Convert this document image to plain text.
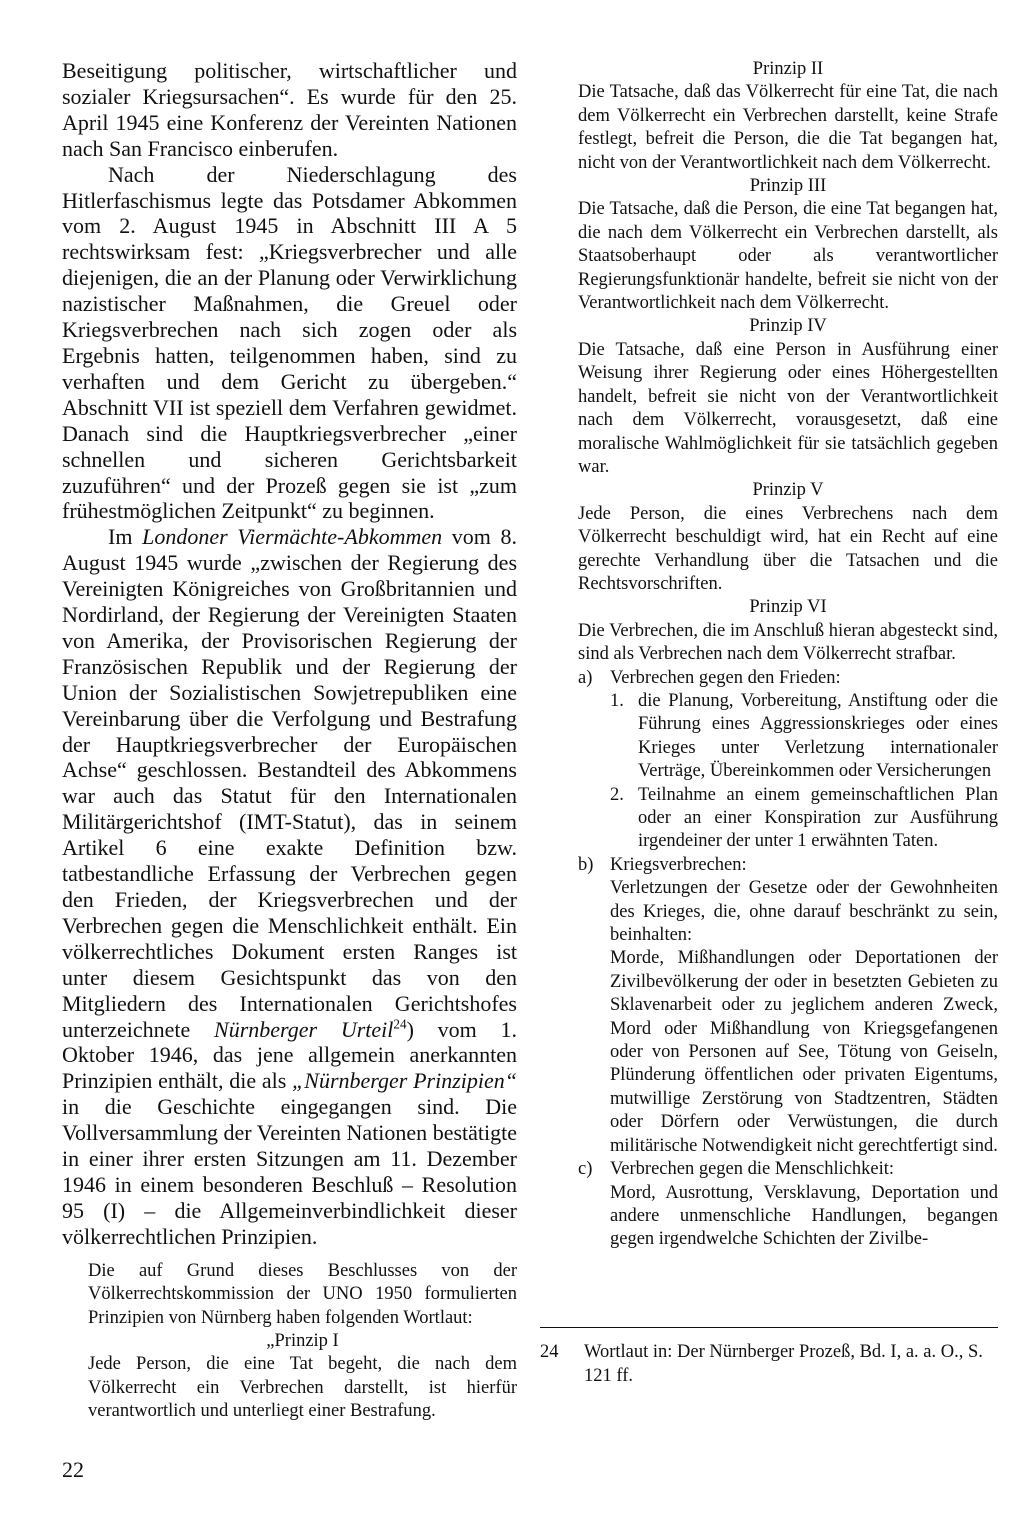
Beseitigung politischer, wirtschaftlicher und sozialer Kriegsursachen“. Es wurde für den 25. April 1945 eine Konferenz der Vereinten Nationen nach San Francisco einberufen.

Nach der Niederschlagung des Hitlerfaschismus legte das Potsdamer Abkommen vom 2. August 1945 in Abschnitt III A 5 rechtswirksam fest: „Kriegsverbrecher und alle diejenigen, die an der Planung oder Verwirklichung nazistischer Maßnahmen, die Greuel oder Kriegsverbrechen nach sich zogen oder als Ergebnis hatten, teilgenommen haben, sind zu verhaften und dem Gericht zu übergeben.“ Abschnitt VII ist speziell dem Verfahren gewidmet. Danach sind die Hauptkriegsverbrecher „einer schnellen und sicheren Gerichtsbarkeit zuzuführen“ und der Prozeß gegen sie ist „zum frühestmöglichen Zeitpunkt“ zu beginnen.

Im Londoner Viermächte-Abkommen vom 8. August 1945 wurde „zwischen der Regierung des Vereinigten Königreiches von Großbritannien und Nordirland, der Regierung der Vereinigten Staaten von Amerika, der Provisorischen Regierung der Französischen Republik und der Regierung der Union der Sozialistischen Sowjetrepubliken eine Vereinbarung über die Verfolgung und Bestrafung der Hauptkriegsverbrecher der Europäischen Achse“ geschlossen. Bestandteil des Abkommens war auch das Statut für den Internationalen Militärgerichtshof (IMT-Statut), das in seinem Artikel 6 eine exakte Definition bzw. tatbestandliche Erfassung der Verbrechen gegen den Frieden, der Kriegsverbrechen und der Verbrechen gegen die Menschlichkeit enthält. Ein völkerrechtliches Dokument ersten Ranges ist unter diesem Gesichtspunkt das von den Mitgliedern des Internationalen Gerichtshofes unterzeichnete Nürnberger Urteil$^{24}$) vom 1. Oktober 1946, das jene allgemein anerkannten Prinzipien enthält, die als „Nürnberger Prinzipien“ in die Geschichte eingegangen sind. Die Vollversammlung der Vereinten Nationen bestätigte in einer ihrer ersten Sitzungen am 11. Dezember 1946 in einem besonderen Beschluß – Resolution 95 (I) – die Allgemeinverbindlichkeit dieser völkerrechtlichen Prinzipien.

Die auf Grund dieses Beschlusses von der Völkerrechtskommission der UNO 1950 formulierten Prinzipien von Nürnberg haben folgenden Wortlaut:

„Prinzip I

Jede Person, die eine Tat begeht, die nach dem Völkerrecht ein Verbrechen darstellt, ist hierfür verantwortlich und unterliegt einer Bestrafung.

Prinzip II

Die Tatsache, daß das Völkerrecht für eine Tat, die nach dem Völkerrecht ein Verbrechen darstellt, keine Strafe festlegt, befreit die Person, die die Tat begangen hat, nicht von der Verantwortlichkeit nach dem Völkerrecht.

Prinzip III

Die Tatsache, daß die Person, die eine Tat begangen hat, die nach dem Völkerrecht ein Verbrechen darstellt, als Staatsoberhaupt oder als verantwortlicher Regierungsfunktionär handelte, befreit sie nicht von der Verantwortlichkeit nach dem Völkerrecht.

Prinzip IV

Die Tatsache, daß eine Person in Ausführung einer Weisung ihrer Regierung oder eines Höhergestellten handelt, befreit sie nicht von der Verantwortlichkeit nach dem Völkerrecht, vorausgesetzt, daß eine moralische Wahlmöglichkeit für sie tatsächlich gegeben war.

Prinzip V

Jede Person, die eines Verbrechens nach dem Völkerrecht beschuldigt wird, hat ein Recht auf eine gerechte Verhandlung über die Tatsachen und die Rechtsvorschriften.

Prinzip VI

Die Verbrechen, die im Anschluß hieran abgesteckt sind, sind als Verbrechen nach dem Völkerrecht strafbar.

a) Verbrechen gegen den Frieden:
1. die Planung, Vorbereitung, Anstiftung oder die Führung eines Aggressionskrieges oder eines Krieges unter Verletzung internationaler Verträge, Übereinkommen oder Versicherungen
2. Teilnahme an einem gemeinschaftlichen Plan oder an einer Konspiration zur Ausführung irgendeiner der unter 1 erwähnten Taten.
b) Kriegsverbrechen:
Verletzungen der Gesetze oder der Gewohnheiten des Krieges, die, ohne darauf beschränkt zu sein, beinhalten:
Morde, Mißhandlungen oder Deportationen der Zivilbevölkerung der oder in besetzten Gebieten zu Sklavenarbeit oder zu jeglichem anderen Zweck, Mord oder Mißhandlung von Kriegsgefangenen oder von Personen auf See, Tötung von Geiseln, Plünderung öffentlichen oder privaten Eigentums, mutwillige Zerstörung von Stadtzentren, Städten oder Dörfern oder Verwüstungen, die durch militärische Notwendigkeit nicht gerechtfertigt sind.
c) Verbrechen gegen die Menschlichkeit:
Mord, Ausrottung, Versklavung, Deportation und andere unmenschliche Handlungen, begangen gegen irgendwelche Schichten der Zivilbe-
24	Wortlaut in: Der Nürnberger Prozeß, Bd. I, a. a. O., S. 121 ff.
22
